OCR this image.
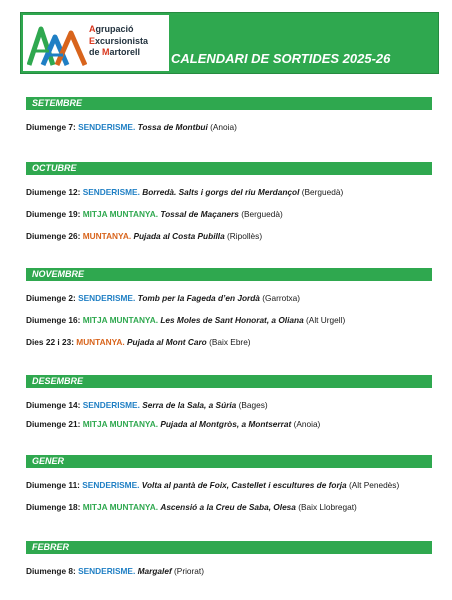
Agrupació
Excursionista
de Martorell	CALENDARI DE SORTIDES 2025-26
SETEMBRE
Diumenge 7: SENDERISME. Tossa de Montbui (Anoia)
OCTUBRE
Diumenge 12: SENDERISME. Borredà. Salts i gorgs del riu Merdançol (Berguedà)
Diumenge 19: MITJA MUNTANYA. Tossal de Maçaners (Berguedà)
Diumenge 26: MUNTANYA. Pujada al Costa Pubilla (Ripollès)
NOVEMBRE
Diumenge 2: SENDERISME. Tomb per la Fageda d’en Jordà (Garrotxa)
Diumenge 16: MITJA MUNTANYA. Les Moles de Sant Honorat, a Oliana (Alt Urgell)
Dies 22 i 23: MUNTANYA. Pujada al Mont Caro (Baix Ebre)
DESEMBRE
Diumenge 14: SENDERISME. Serra de la Sala, a Súria (Bages)
Diumenge 21: MITJA MUNTANYA. Pujada al Montgròs, a Montserrat (Anoia)
GENER
Diumenge 11: SENDERISME. Volta al pantà de Foix, Castellet i escultures de forja (Alt Penedès)
Diumenge 18: MITJA MUNTANYA. Ascensió a la Creu de Saba, Olesa (Baix Llobregat)
FEBRER
Diumenge 8: SENDERISME. Margalef (Priorat)
